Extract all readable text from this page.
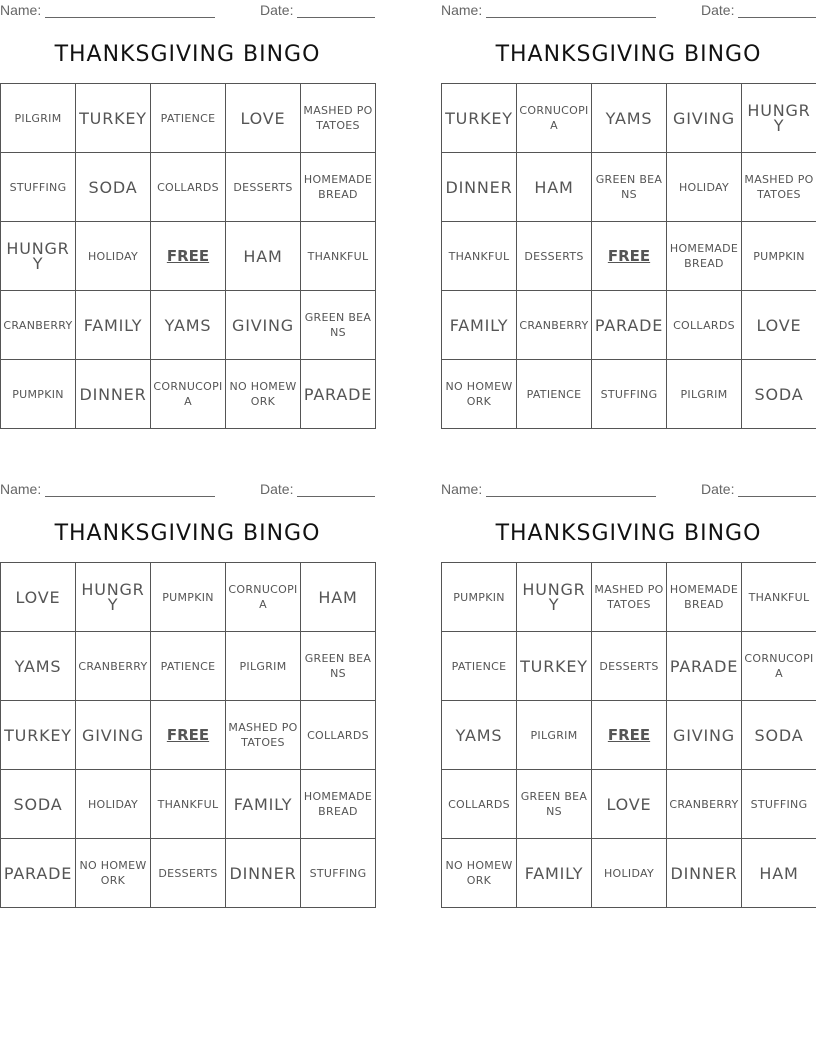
Name:	Date:
THANKSGIVING BINGO
PILGRIM	TURKEY	PATIENCE	LOVE	MASHED POTATOES
STUFFING	SODA	COLLARDS	DESSERTS	HOMEMADE BREAD
HUNGRY	HOLIDAY	FREE	HAM	THANKFUL
CRANBERRY	FAMILY	YAMS	GIVING	GREEN BEANS
PUMPKIN	DINNER	CORNUCOPIA	NO HOMEWORK	PARADE
Name:	Date:
THANKSGIVING BINGO
TURKEY	CORNUCOPIA	YAMS	GIVING	HUNGRY
DINNER	HAM	GREEN BEANS	HOLIDAY	MASHED POTATOES
THANKFUL	DESSERTS	FREE	HOMEMADE BREAD	PUMPKIN
FAMILY	CRANBERRY	PARADE	COLLARDS	LOVE
NO HOMEWORK	PATIENCE	STUFFING	PILGRIM	SODA
Name:	Date:
THANKSGIVING BINGO
LOVE	HUNGRY	PUMPKIN	CORNUCOPIA	HAM
YAMS	CRANBERRY	PATIENCE	PILGRIM	GREEN BEANS
TURKEY	GIVING	FREE	MASHED POTATOES	COLLARDS
SODA	HOLIDAY	THANKFUL	FAMILY	HOMEMADE BREAD
PARADE	NO HOMEWORK	DESSERTS	DINNER	STUFFING
Name:	Date:
THANKSGIVING BINGO
PUMPKIN	HUNGRY	MASHED POTATOES	HOMEMADE BREAD	THANKFUL
PATIENCE	TURKEY	DESSERTS	PARADE	CORNUCOPIA
YAMS	PILGRIM	FREE	GIVING	SODA
COLLARDS	GREEN BEANS	LOVE	CRANBERRY	STUFFING
NO HOMEWORK	FAMILY	HOLIDAY	DINNER	HAM
